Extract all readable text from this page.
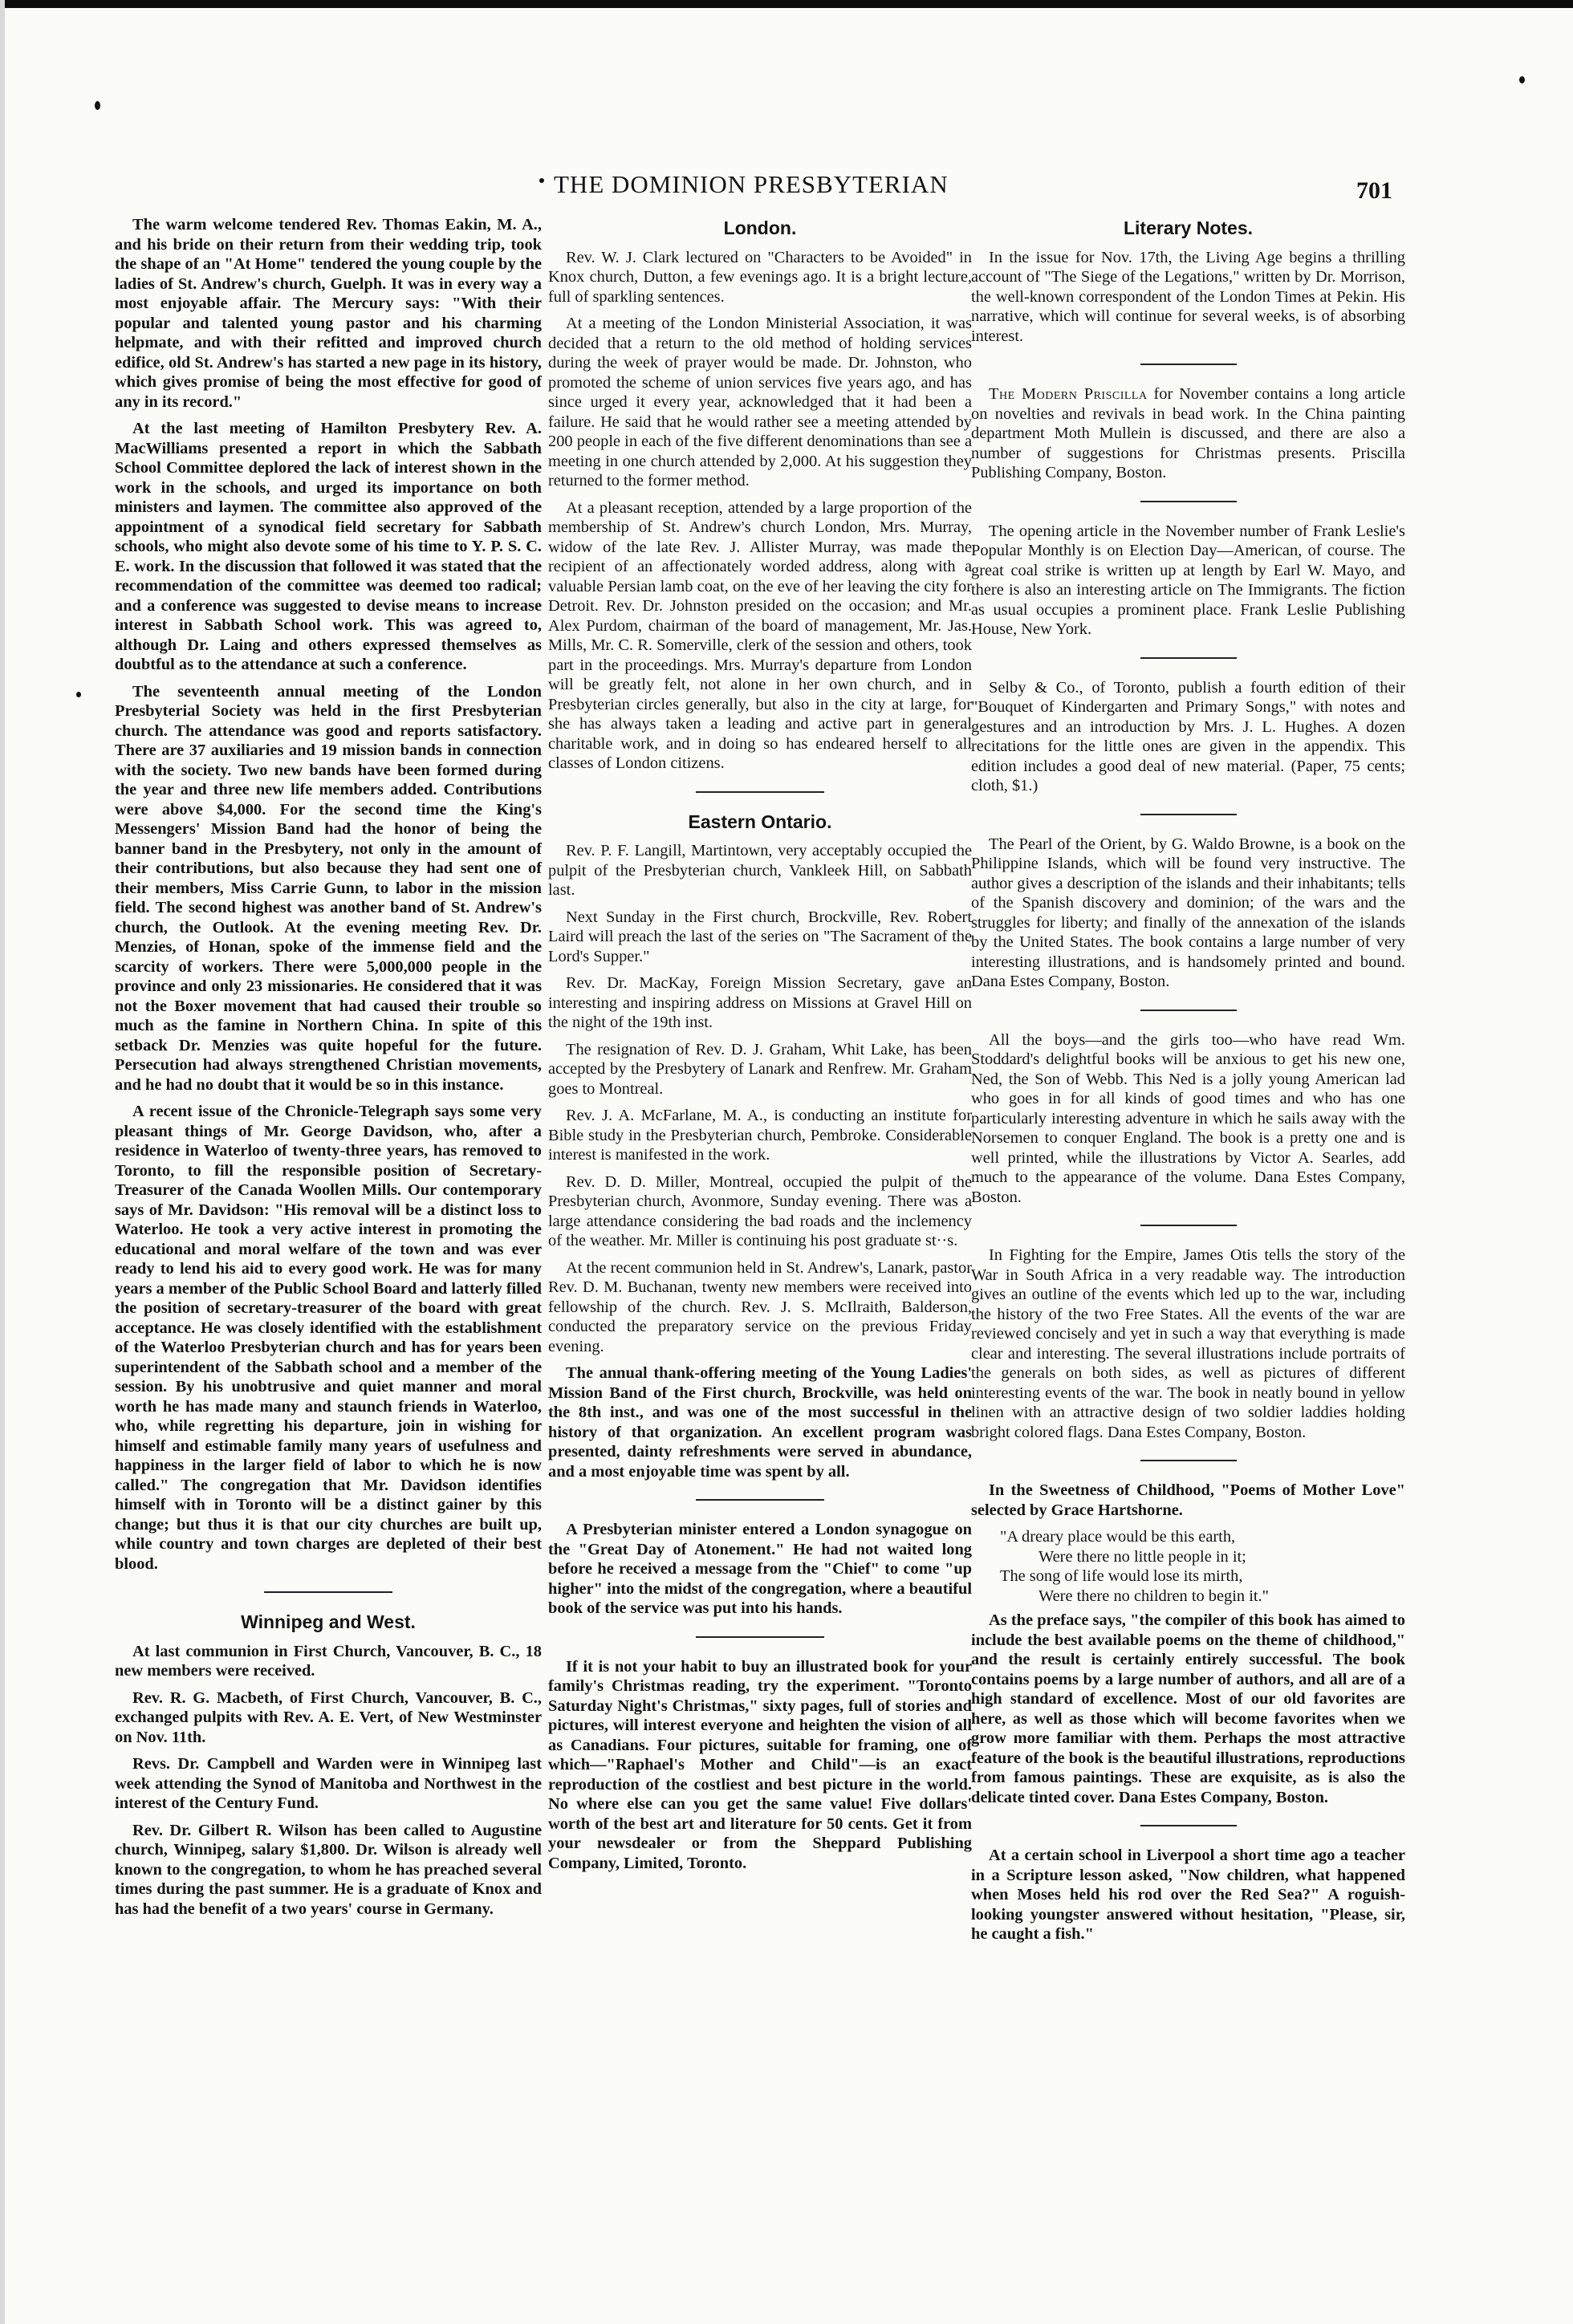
THE DOMINION PRESBYTERIAN	701

The warm welcome tendered Rev. Thomas Eakin, M. A., and his bride on their return from their wedding trip, took the shape of an "At Home" tendered the young couple by the ladies of St. Andrew's church, Guelph. It was in every way a most enjoyable affair. The Mercury says: "With their popular and talented young pastor and his charming helpmate, and with their refitted and improved church edifice, old St. Andrew's has started a new page in its history, which gives promise of being the most effective for good of any in its record."

At the last meeting of Hamilton Presbytery Rev. A. MacWilliams presented a report in which the Sabbath School Committee deplored the lack of interest shown in the work in the schools, and urged its importance on both ministers and laymen. The committee also approved of the appointment of a synodical field secretary for Sabbath schools, who might also devote some of his time to Y. P. S. C. E. work. In the discussion that followed it was stated that the recommendation of the committee was deemed too radical; and a conference was suggested to devise means to increase interest in Sabbath School work. This was agreed to, although Dr. Laing and others expressed themselves as doubtful as to the attendance at such a conference.

The seventeenth annual meeting of the London Presbyterial Society was held in the first Presbyterian church. The attendance was good and reports satisfactory. There are 37 auxiliaries and 19 mission bands in connection with the society. Two new bands have been formed during the year and three new life members added. Contributions were above $4,000. For the second time the King's Messengers' Mission Band had the honor of being the banner band in the Presbytery, not only in the amount of their contributions, but also because they had sent one of their members, Miss Carrie Gunn, to labor in the mission field. The second highest was another band of St. Andrew's church, the Outlook. At the evening meeting Rev. Dr. Menzies, of Honan, spoke of the immense field and the scarcity of workers. There were 5,000,000 people in the province and only 23 missionaries. He considered that it was not the Boxer movement that had caused their trouble so much as the famine in Northern China. In spite of this setback Dr. Menzies was quite hopeful for the future. Persecution had always strengthened Christian movements, and he had no doubt that it would be so in this instance.

A recent issue of the Chronicle-Telegraph says some very pleasant things of Mr. George Davidson, who, after a residence in Waterloo of twenty-three years, has removed to Toronto, to fill the responsible position of Secretary-Treasurer of the Canada Woollen Mills. Our contemporary says of Mr. Davidson: "His removal will be a distinct loss to Waterloo. He took a very active interest in promoting the educational and moral welfare of the town and was ever ready to lend his aid to every good work. He was for many years a member of the Public School Board and latterly filled the position of secretary-treasurer of the board with great acceptance. He was closely identified with the establishment of the Waterloo Presbyterian church and has for years been superintendent of the Sabbath school and a member of the session. By his unobtrusive and quiet manner and moral worth he has made many and staunch friends in Waterloo, who, while regretting his departure, join in wishing for himself and estimable family many years of usefulness and happiness in the larger field of labor to which he is now called." The congregation that Mr. Davidson identifies himself with in Toronto will be a distinct gainer by this change; but thus it is that our city churches are built up, while country and town charges are depleted of their best blood.

Winnipeg and West.

At last communion in First Church, Vancouver, B. C., 18 new members were received.

Rev. R. G. Macbeth, of First Church, Vancouver, B. C., exchanged pulpits with Rev. A. E. Vert, of New Westminster on Nov. 11th.

Revs. Dr. Campbell and Warden were in Winnipeg last week attending the Synod of Manitoba and Northwest in the interest of the Century Fund.

Rev. Dr. Gilbert R. Wilson has been called to Augustine church, Winnipeg, salary $1,800. Dr. Wilson is already well known to the congregation, to whom he has preached several times during the past summer. He is a graduate of Knox and has had the benefit of a two years' course in Germany.

London.

Rev. W. J. Clark lectured on "Characters to be Avoided" in Knox church, Dutton, a few evenings ago. It is a bright lecture, full of sparkling sentences.

At a meeting of the London Ministerial Association, it was decided that a return to the old method of holding services during the week of prayer would be made. Dr. Johnston, who promoted the scheme of union services five years ago, and has since urged it every year, acknowledged that it had been a failure. He said that he would rather see a meeting attended by 200 people in each of the five different denominations than see a meeting in one church attended by 2,000. At his suggestion they returned to the former method.

At a pleasant reception, attended by a large proportion of the membership of St. Andrew's church London, Mrs. Murray, widow of the late Rev. J. Allister Murray, was made the recipient of an affectionately worded address, along with a valuable Persian lamb coat, on the eve of her leaving the city for Detroit. Rev. Dr. Johnston presided on the occasion; and Mr. Alex Purdom, chairman of the board of management, Mr. Jas. Mills, Mr. C. R. Somerville, clerk of the session and others, took part in the proceedings. Mrs. Murray's departure from London will be greatly felt, not alone in her own church, and in Presbyterian circles generally, but also in the city at large, for she has always taken a leading and active part in general charitable work, and in doing so has endeared herself to all classes of London citizens.

Eastern Ontario.

Rev. P. F. Langill, Martintown, very acceptably occupied the pulpit of the Presbyterian church, Vankleek Hill, on Sabbath last.

Next Sunday in the First church, Brockville, Rev. Robert Laird will preach the last of the series on "The Sacrament of the Lord's Supper."

Rev. Dr. MacKay, Foreign Mission Secretary, gave an interesting and inspiring address on Missions at Gravel Hill on the night of the 19th inst.

The resignation of Rev. D. J. Graham, Whit Lake, has been accepted by the Presbytery of Lanark and Renfrew. Mr. Graham goes to Montreal.

Rev. J. A. McFarlane, M. A., is conducting an institute for Bible study in the Presbyterian church, Pembroke. Considerable interest is manifested in the work.

Rev. D. D. Miller, Montreal, occupied the pulpit of the Presbyterian church, Avonmore, Sunday evening. There was a large attendance considering the bad roads and the inclemency of the weather. Mr. Miller is continuing his post graduate st··s.

At the recent communion held in St. Andrew's, Lanark, pastor Rev. D. M. Buchanan, twenty new members were received into fellowship of the church. Rev. J. S. McIlraith, Balderson, conducted the preparatory service on the previous Friday evening.

The annual thank-offering meeting of the Young Ladies' Mission Band of the First church, Brockville, was held on the 8th inst., and was one of the most successful in the history of that organization. An excellent program was presented, dainty refreshments were served in abundance, and a most enjoyable time was spent by all.

A Presbyterian minister entered a London synagogue on the "Great Day of Atonement." He had not waited long before he received a message from the "Chief" to come "up higher" into the midst of the congregation, where a beautiful book of the service was put into his hands.

If it is not your habit to buy an illustrated book for your family's Christmas reading, try the experiment. "Toronto Saturday Night's Christmas," sixty pages, full of stories and pictures, will interest everyone and heighten the vision of all as Canadians. Four pictures, suitable for framing, one of which—"Raphael's Mother and Child"—is an exact reproduction of the costliest and best picture in the world. No where else can you get the same value! Five dollars' worth of the best art and literature for 50 cents. Get it from your newsdealer or from the Sheppard Publishing Company, Limited, Toronto.

Literary Notes.

In the issue for Nov. 17th, the Living Age begins a thrilling account of "The Siege of the Legations," written by Dr. Morrison, the well-known correspondent of the London Times at Pekin. His narrative, which will continue for several weeks, is of absorbing interest.

The Modern Priscilla for November contains a long article on novelties and revivals in bead work. In the China painting department Moth Mullein is discussed, and there are also a number of suggestions for Christmas presents. Priscilla Publishing Company, Boston.

The opening article in the November number of Frank Leslie's Popular Monthly is on Election Day—American, of course. The great coal strike is written up at length by Earl W. Mayo, and there is also an interesting article on The Immigrants. The fiction as usual occupies a prominent place. Frank Leslie Publishing House, New York.

Selby & Co., of Toronto, publish a fourth edition of their "Bouquet of Kindergarten and Primary Songs," with notes and gestures and an introduction by Mrs. J. L. Hughes. A dozen recitations for the little ones are given in the appendix. This edition includes a good deal of new material. (Paper, 75 cents; cloth, $1.)

The Pearl of the Orient, by G. Waldo Browne, is a book on the Philippine Islands, which will be found very instructive. The author gives a description of the islands and their inhabitants; tells of the Spanish discovery and dominion; of the wars and the struggles for liberty; and finally of the annexation of the islands by the United States. The book contains a large number of very interesting illustrations, and is handsomely printed and bound. Dana Estes Company, Boston.

All the boys—and the girls too—who have read Wm. Stoddard's delightful books will be anxious to get his new one, Ned, the Son of Webb. This Ned is a jolly young American lad who goes in for all kinds of good times and who has one particularly interesting adventure in which he sails away with the Norsemen to conquer England. The book is a pretty one and is well printed, while the illustrations by Victor A. Searles, add much to the appearance of the volume. Dana Estes Company, Boston.

In Fighting for the Empire, James Otis tells the story of the War in South Africa in a very readable way. The introduction gives an outline of the events which led up to the war, including the history of the two Free States. All the events of the war are reviewed concisely and yet in such a way that everything is made clear and interesting. The several illustrations include portraits of the generals on both sides, as well as pictures of different interesting events of the war. The book in neatly bound in yellow linen with an attractive design of two soldier laddies holding bright colored flags. Dana Estes Company, Boston.

In the Sweetness of Childhood, "Poems of Mother Love" selected by Grace Hartshorne.

"A dreary place would be this earth,
Were there no little people in it;
The song of life would lose its mirth,
Were there no children to begin it."

As the preface says, "the compiler of this book has aimed to include the best available poems on the theme of childhood," and the result is certainly entirely successful. The book contains poems by a large number of authors, and all are of a high standard of excellence. Most of our old favorites are here, as well as those which will become favorites when we grow more familiar with them. Perhaps the most attractive feature of the book is the beautiful illustrations, reproductions from famous paintings. These are exquisite, as is also the delicate tinted cover. Dana Estes Company, Boston.

At a certain school in Liverpool a short time ago a teacher in a Scripture lesson asked, "Now children, what happened when Moses held his rod over the Red Sea?" A roguish-looking youngster answered without hesitation, "Please, sir, he caught a fish."
